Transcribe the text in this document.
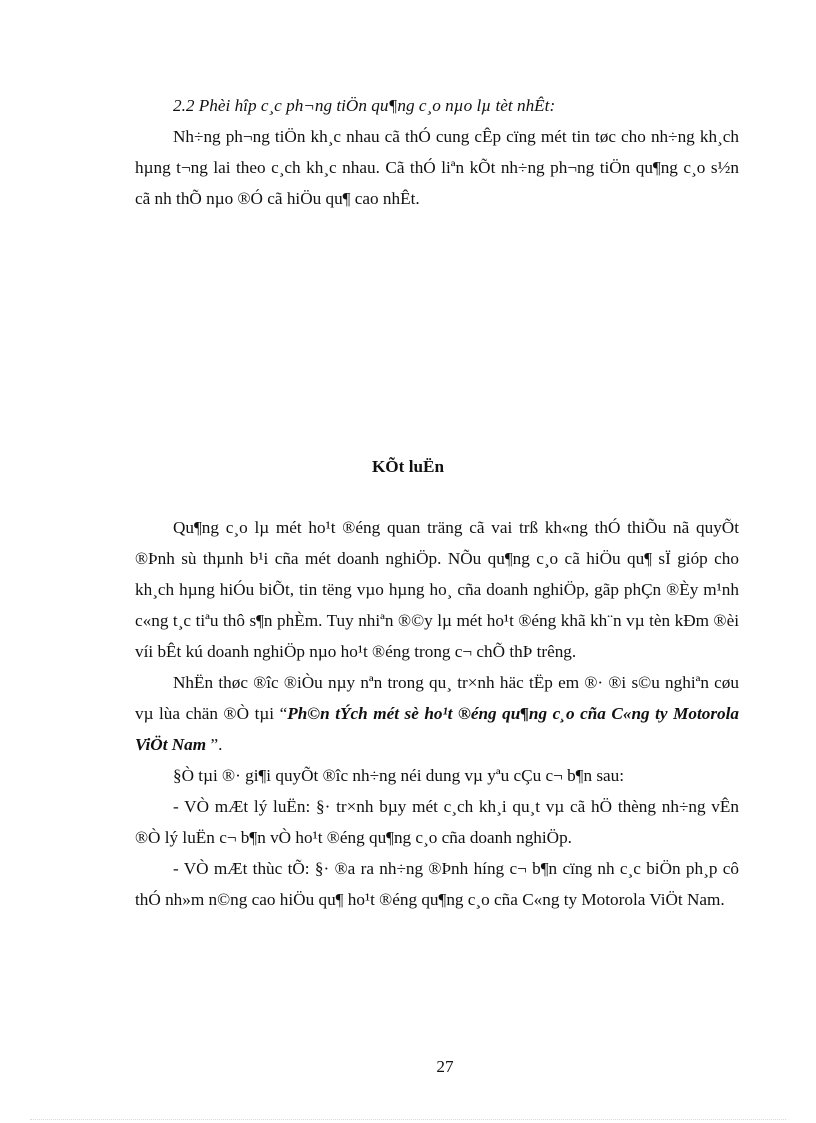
2.2 Phèi hîp c¸c ph¬ng tiÖn qu¶ng c¸o nµo lµ tèt nhÊt:

Nh÷ng ph¬ng tiÖn kh¸c nhau cã thÓ cung cÊp cïng mét tin tøc cho nh÷ng kh¸ch hµng t¬ng lai theo c¸ch kh¸c nhau. Cã thÓ liªn kÕt nh÷ng ph¬ng tiÖn qu¶ng c¸o s½n cã nh thÕ nµo ®Ó cã hiÖu qu¶ cao nhÊt.

KÕt luËn

Qu¶ng c¸o lµ mét ho¹t ®éng quan träng cã vai trß kh«ng thÓ thiÕu nã quyÕt ®Þnh sù thµnh b¹i cña mét doanh nghiÖp. NÕu qu¶ng c¸o cã hiÖu qu¶ sÏ gióp cho kh¸ch hµng hiÓu biÕt, tin tëng vµo hµng ho¸ cña doanh nghiÖp, gãp phÇn ®Èy m¹nh c«ng t¸c tiªu thô s¶n phÈm. Tuy nhiªn ®©y lµ mét ho¹t ®éng khã kh¨n vµ tèn kÐm ®èi víi bÊt kú doanh nghiÖp nµo ho¹t ®éng trong c¬ chÕ thÞ trêng.

NhËn thøc ®îc ®iÒu nµy nªn trong qu¸ tr×nh häc tËp em ®· ®i s©u nghiªn cøu vµ lùa chän ®Ò tµi “Ph©n tÝch mét sè ho¹t ®éng qu¶ng c¸o cña C«ng ty Motorola ViÖt Nam ”.

§Ò tµi ®· gi¶i quyÕt ®îc nh÷ng néi dung vµ yªu cÇu c¬ b¶n sau:

- VÒ mÆt lý luËn: §· tr×nh bµy mét c¸ch kh¸i qu¸t vµ cã hÖ thèng nh÷ng vÊn ®Ò lý luËn c¬ b¶n vÒ ho¹t ®éng qu¶ng c¸o cña doanh nghiÖp.

- VÒ mÆt thùc tÕ: §· ®a ra nh÷ng ®Þnh híng c¬ b¶n cïng nh c¸c biÖn ph¸p cô thÓ nh»m n©ng cao hiÖu qu¶ ho¹t ®éng qu¶ng c¸o cña C«ng ty Motorola ViÖt Nam.

27
